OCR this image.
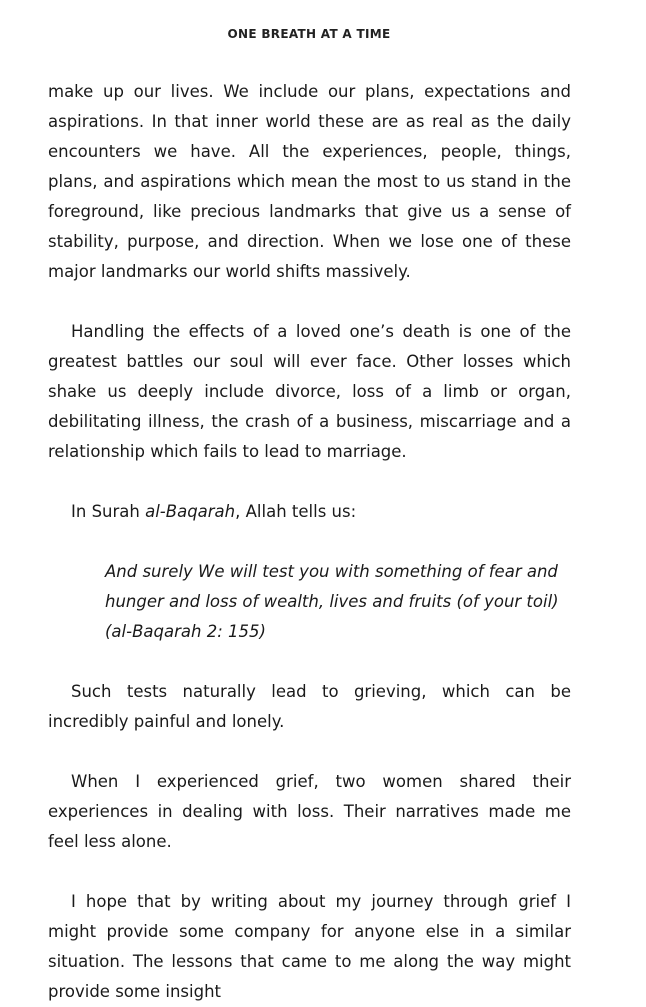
ONE BREATH AT A TIME

make up our lives. We include our plans, expectations and aspirations. In that inner world these are as real as the daily encounters we have. All the experiences, people, things, plans, and aspirations which mean the most to us stand in the foreground, like precious landmarks that give us a sense of stability, purpose, and direction. When we lose one of these major landmarks our world shifts massively.

Handling the effects of a loved one’s death is one of the greatest battles our soul will ever face. Other losses which shake us deeply include divorce, loss of a limb or organ, debilitating illness, the crash of a business, miscarriage and a relationship which fails to lead to marriage.

In Surah al-Baqarah, Allah tells us:

And surely We will test you with something of fear and
hunger and loss of wealth, lives and fruits (of your toil)
(al-Baqarah 2: 155)

Such tests naturally lead to grieving, which can be incredibly painful and lonely.

When I experienced grief, two women shared their experiences in dealing with loss. Their narratives made me feel less alone.

I hope that by writing about my journey through grief I might provide some company for anyone else in a similar situation. The lessons that came to me along the way might provide some insight
